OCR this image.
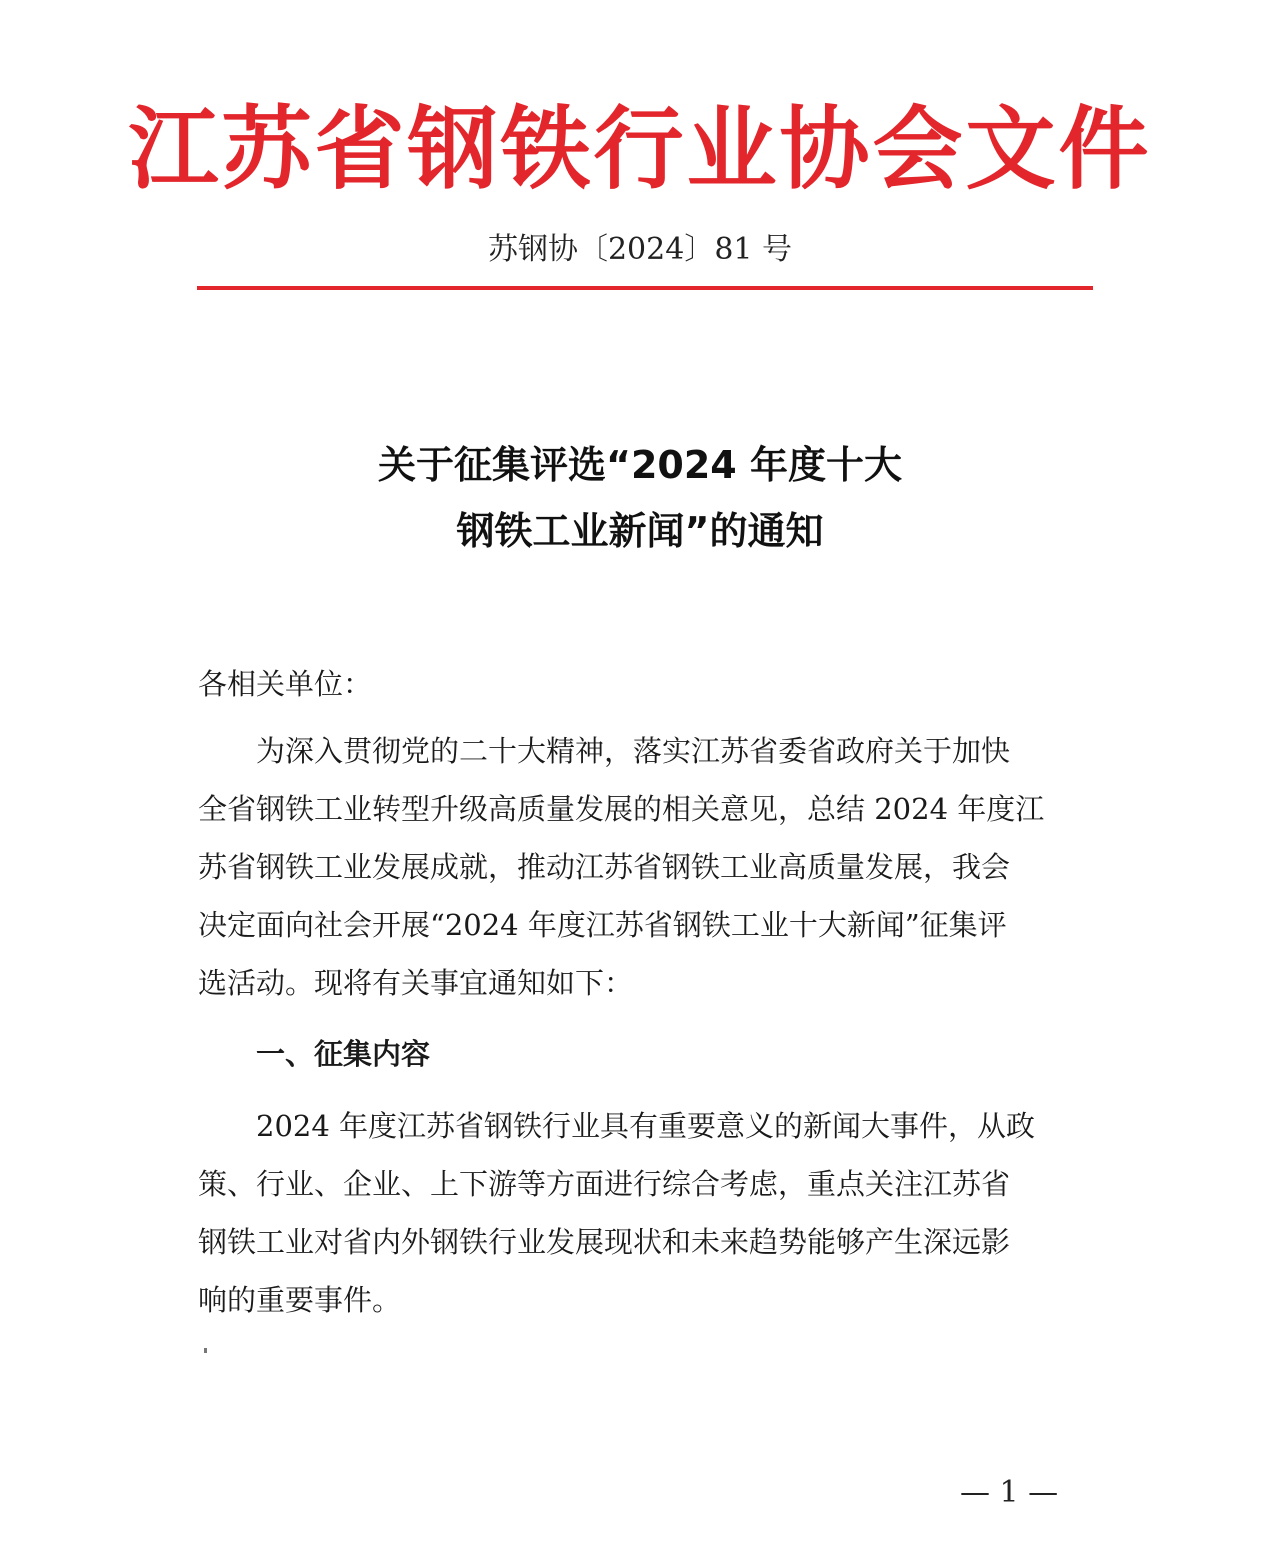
江苏省钢铁行业协会文件
苏钢协〔2024〕81 号
关于征集评选“2024 年度十大
钢铁工业新闻”的通知
各相关单位：
为深入贯彻党的二十大精神，落实江苏省委省政府关于加快
全省钢铁工业转型升级高质量发展的相关意见，总结 2024 年度江
苏省钢铁工业发展成就，推动江苏省钢铁工业高质量发展，我会
决定面向社会开展“2024 年度江苏省钢铁工业十大新闻”征集评
选活动。现将有关事宜通知如下：
一、征集内容
2024 年度江苏省钢铁行业具有重要意义的新闻大事件，从政
策、行业、企业、上下游等方面进行综合考虑，重点关注江苏省
钢铁工业对省内外钢铁行业发展现状和未来趋势能够产生深远影
响的重要事件。
— 1 —
